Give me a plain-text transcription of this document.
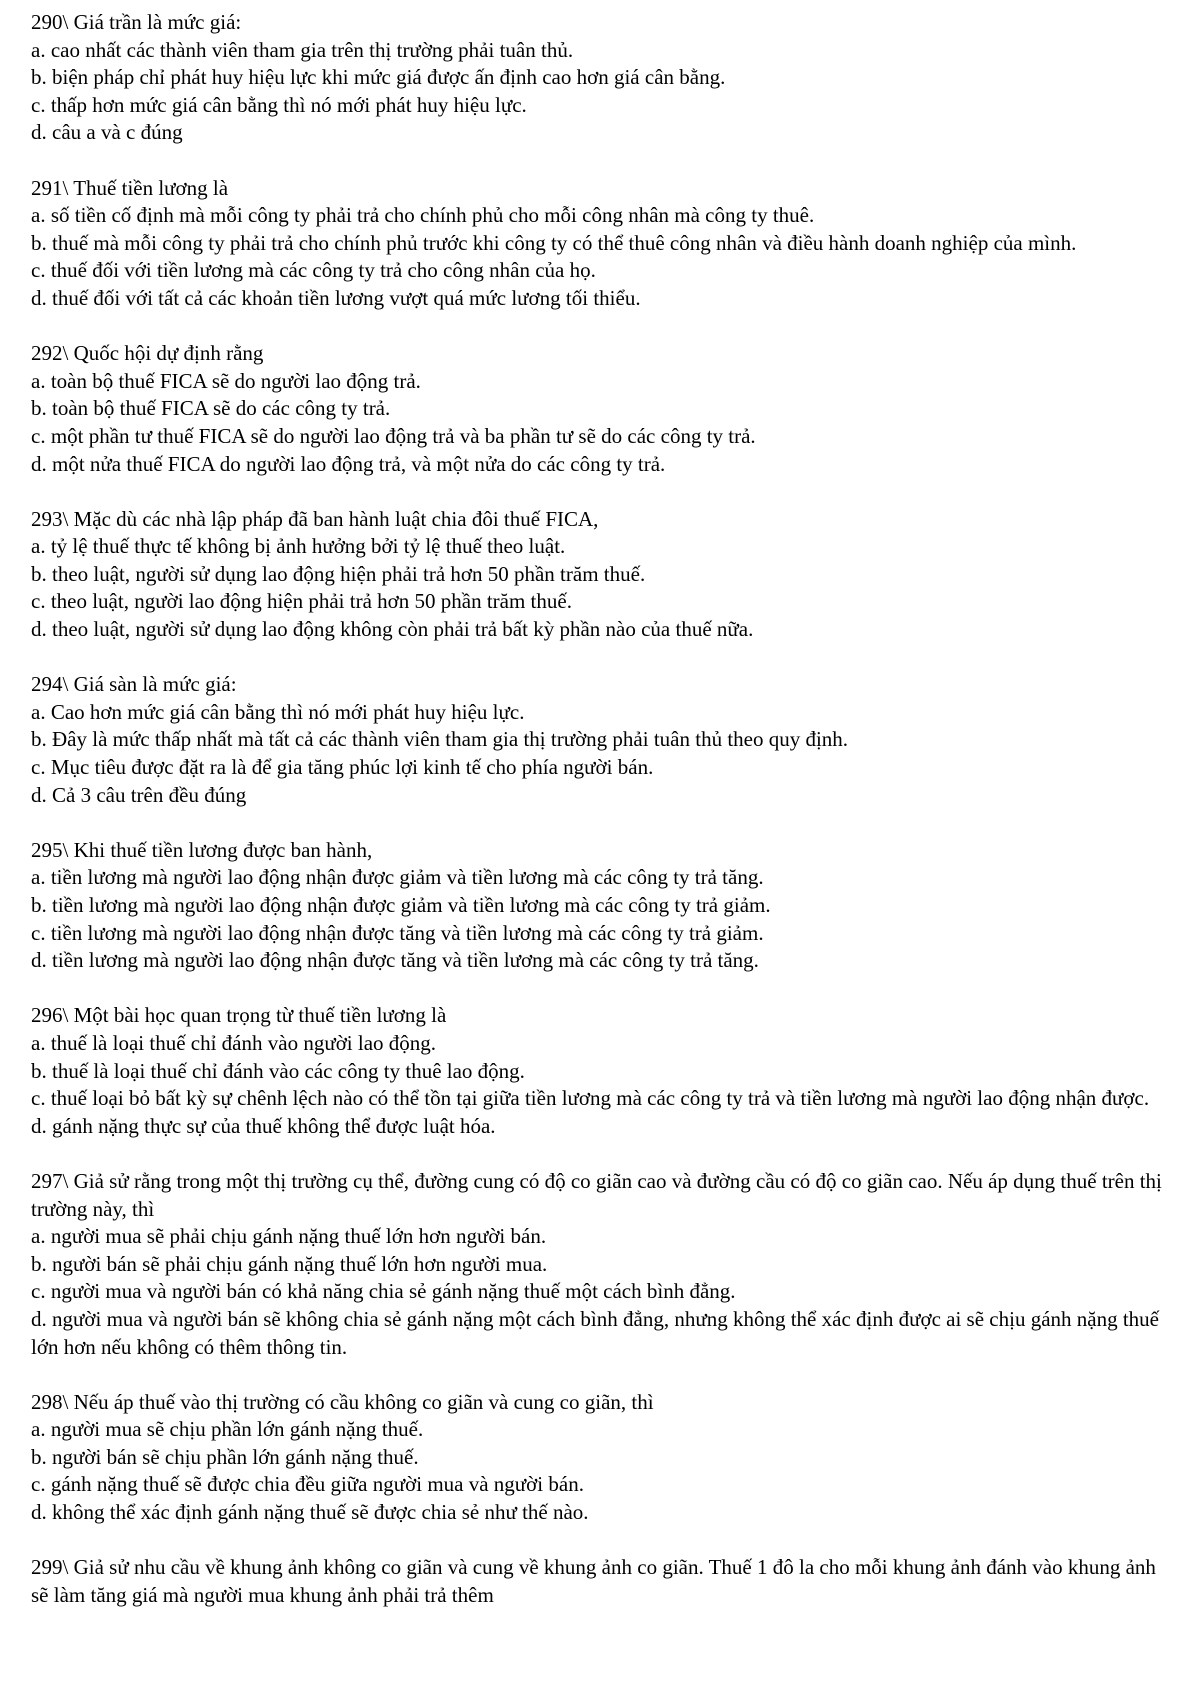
290\ Giá trần là mức giá:

a. cao nhất các thành viên tham gia trên thị trường phải tuân thủ.

b. biện pháp chỉ phát huy hiệu lực khi mức giá được ấn định cao hơn giá cân bằng.

c. thấp hơn mức giá cân bằng thì nó mới phát huy hiệu lực.

d. câu a và c đúng

291\ Thuế tiền lương là

a. số tiền cố định mà mỗi công ty phải trả cho chính phủ cho mỗi công nhân mà công ty thuê.

b. thuế mà mỗi công ty phải trả cho chính phủ trước khi công ty có thể thuê công nhân và điều hành doanh nghiệp của mình.

c. thuế đối với tiền lương mà các công ty trả cho công nhân của họ.

d. thuế đối với tất cả các khoản tiền lương vượt quá mức lương tối thiểu.

292\ Quốc hội dự định rằng

a. toàn bộ thuế FICA sẽ do người lao động trả.

b. toàn bộ thuế FICA sẽ do các công ty trả.

c. một phần tư thuế FICA sẽ do người lao động trả và ba phần tư sẽ do các công ty trả.

d. một nửa thuế FICA do người lao động trả, và một nửa do các công ty trả.

293\ Mặc dù các nhà lập pháp đã ban hành luật chia đôi thuế FICA,

a. tỷ lệ thuế thực tế không bị ảnh hưởng bởi tỷ lệ thuế theo luật.

b. theo luật, người sử dụng lao động hiện phải trả hơn 50 phần trăm thuế.

c. theo luật, người lao động hiện phải trả hơn 50 phần trăm thuế.

d. theo luật, người sử dụng lao động không còn phải trả bất kỳ phần nào của thuế nữa.

294\ Giá sàn là mức giá:

a. Cao hơn mức giá cân bằng thì nó mới phát huy hiệu lực.

b. Đây là mức thấp nhất mà tất cả các thành viên tham gia thị trường phải tuân thủ theo quy định.

c. Mục tiêu được đặt ra là để gia tăng phúc lợi kinh tế cho phía người bán.

d. Cả 3 câu trên đều đúng

295\ Khi thuế tiền lương được ban hành,

a. tiền lương mà người lao động nhận được giảm và tiền lương mà các công ty trả tăng.

b. tiền lương mà người lao động nhận được giảm và tiền lương mà các công ty trả giảm.

c. tiền lương mà người lao động nhận được tăng và tiền lương mà các công ty trả giảm.

d. tiền lương mà người lao động nhận được tăng và tiền lương mà các công ty trả tăng.

296\ Một bài học quan trọng từ thuế tiền lương là

a. thuế là loại thuế chỉ đánh vào người lao động.

b. thuế là loại thuế chỉ đánh vào các công ty thuê lao động.

c. thuế loại bỏ bất kỳ sự chênh lệch nào có thể tồn tại giữa tiền lương mà các công ty trả và tiền lương mà người lao động nhận được.

d. gánh nặng thực sự của thuế không thể được luật hóa.

297\ Giả sử rằng trong một thị trường cụ thể, đường cung có độ co giãn cao và đường cầu có độ co giãn cao. Nếu áp dụng thuế trên thị trường này, thì

a. người mua sẽ phải chịu gánh nặng thuế lớn hơn người bán.

b. người bán sẽ phải chịu gánh nặng thuế lớn hơn người mua.

c. người mua và người bán có khả năng chia sẻ gánh nặng thuế một cách bình đẳng.

d. người mua và người bán sẽ không chia sẻ gánh nặng một cách bình đẳng, nhưng không thể xác định được ai sẽ chịu gánh nặng thuế lớn hơn nếu không có thêm thông tin.

298\ Nếu áp thuế vào thị trường có cầu không co giãn và cung co giãn, thì

a. người mua sẽ chịu phần lớn gánh nặng thuế.

b. người bán sẽ chịu phần lớn gánh nặng thuế.

c. gánh nặng thuế sẽ được chia đều giữa người mua và người bán.

d. không thể xác định gánh nặng thuế sẽ được chia sẻ như thế nào.

299\ Giả sử nhu cầu về khung ảnh không co giãn và cung về khung ảnh co giãn. Thuế 1 đô la cho mỗi khung ảnh đánh vào khung ảnh sẽ làm tăng giá mà người mua khung ảnh phải trả thêm
